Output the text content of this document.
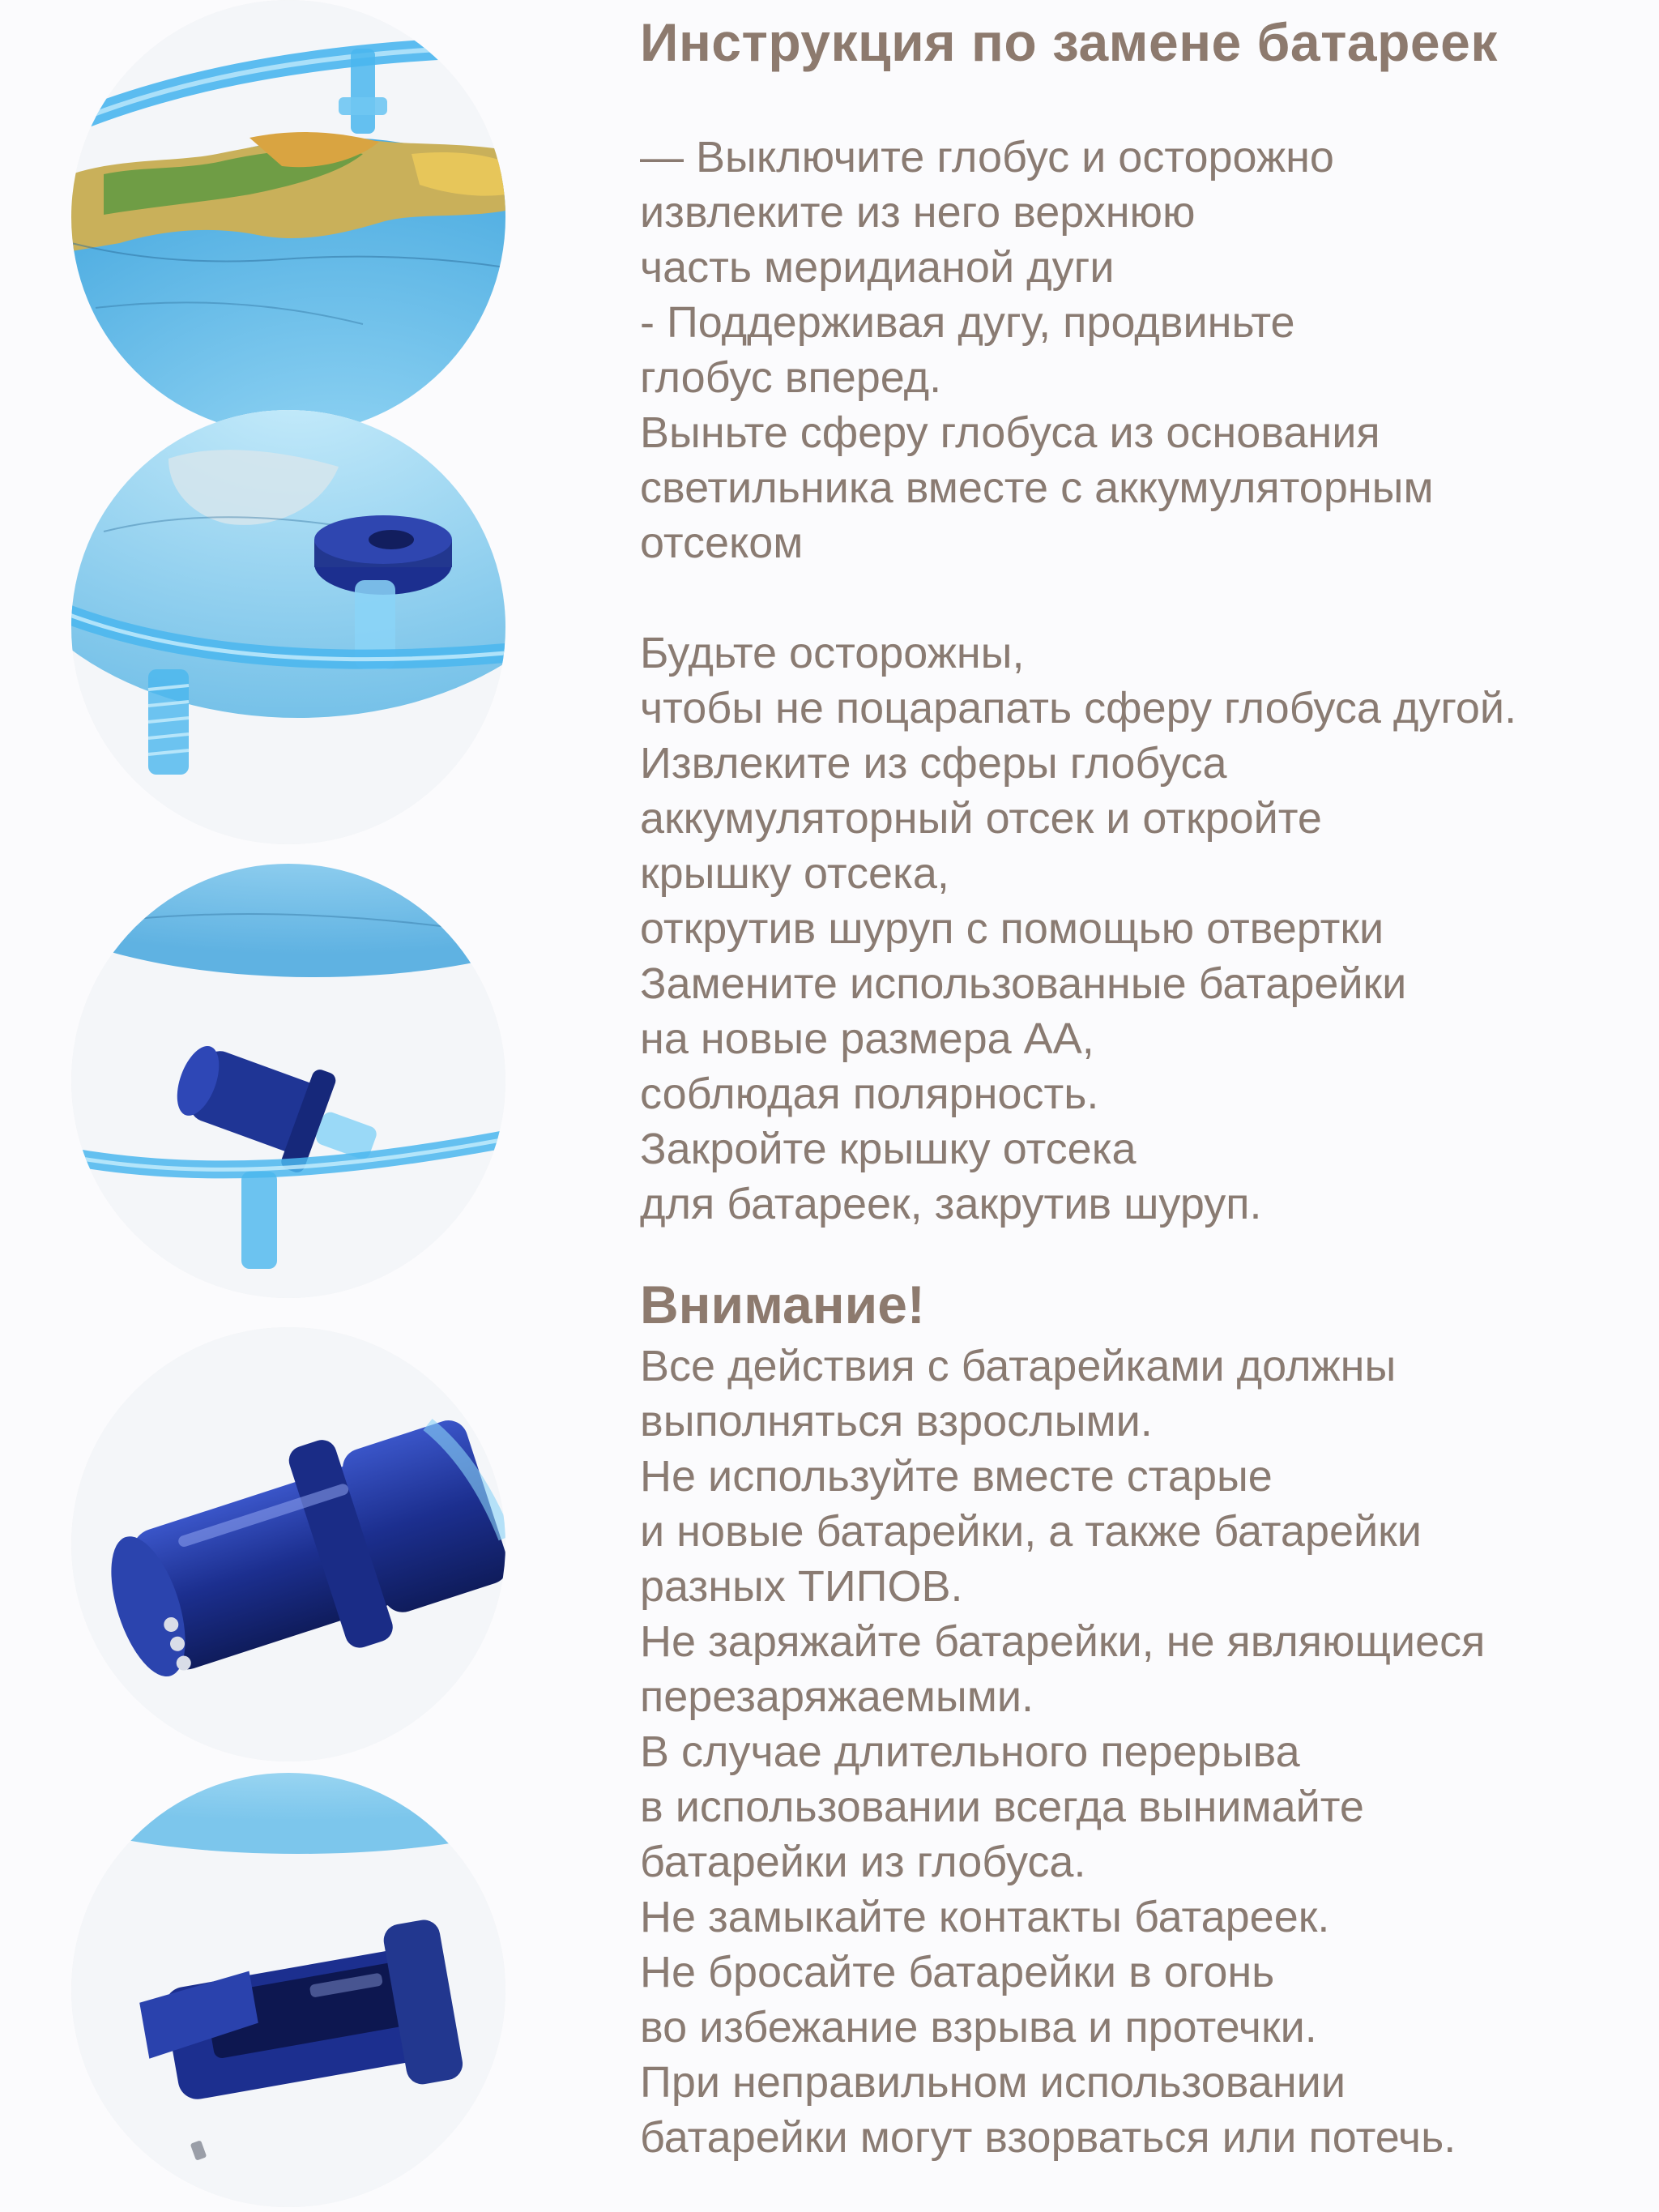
Инструкция по замене батареек

— Выключите глобус и осторожно

извлеките из него верхнюю

часть меридианой дуги

- Поддерживая дугу, продвиньте

глобус вперед.

Выньте сферу глобуса из основания

светильника вместе с аккумуляторным

отсеком

Будьте осторожны,

чтобы не поцарапать сферу глобуса дугой.

Извлеките из сферы глобуса

аккумуляторный отсек и откройте

крышку отсека,

открутив шуруп с помощью отвертки

Замените использованные батарейки

на новые размера АА,

соблюдая полярность.

Закройте крышку отсека

для батареек, закрутив шуруп.

Внимание!

Все действия с батарейками должны

выполняться взрослыми.

Не используйте вместе старые

и новые батарейки, а также батарейки

разных ТИПОВ.

Не заряжайте батарейки, не являющиеся

перезаряжаемыми.

В случае длительного перерыва

в использовании всегда вынимайте

батарейки из глобуса.

Не замыкайте контакты батареек.

Не бросайте батарейки в огонь

во избежание взрыва и протечки.

При неправильном использовании

батарейки могут взорваться или потечь.
